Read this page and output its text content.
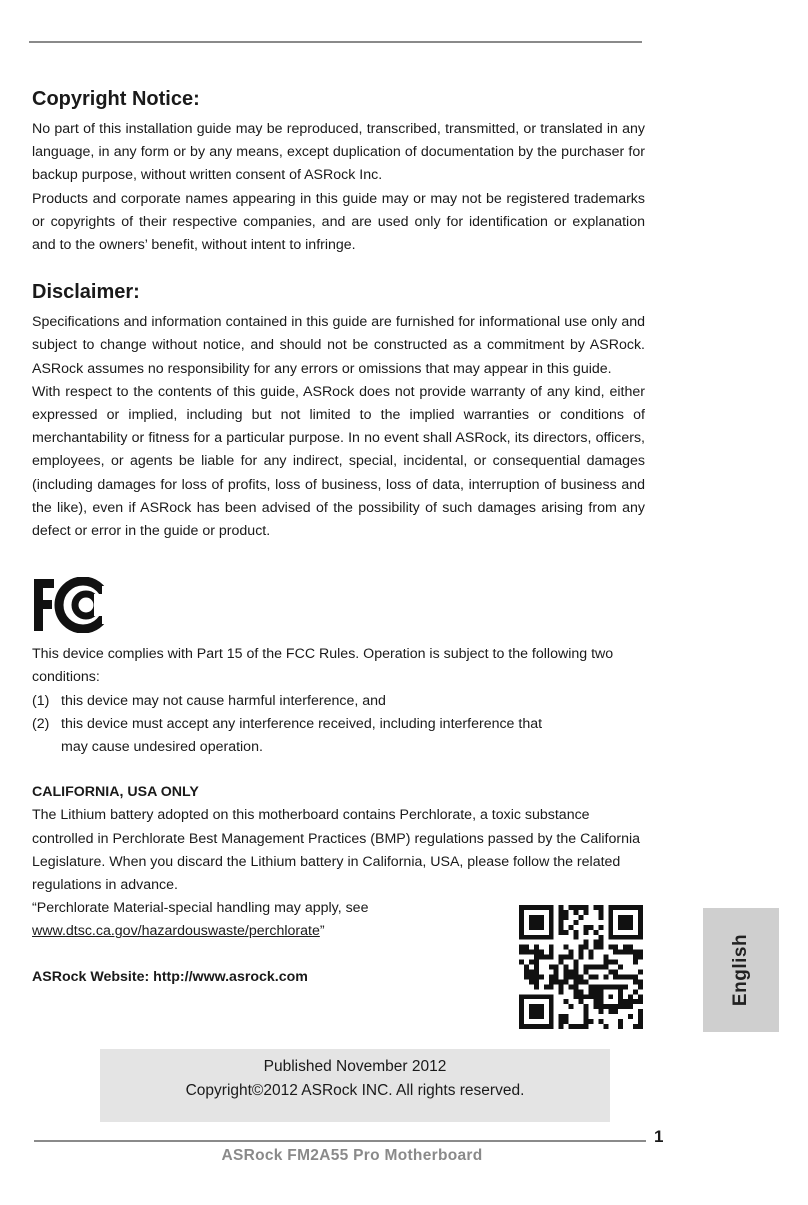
Copyright Notice:

No part of this installation guide may be reproduced, transcribed, transmitted, or translated in any language, in any form or by any means, except duplication of documentation by the purchaser for backup purpose, without written consent of ASRock Inc.

Products and corporate names appearing in this guide may or may not be registered trademarks or copyrights of their respective companies, and are used only for identification or explanation and to the owners’ benefit, without intent to infringe.

Disclaimer:

Specifications and information contained in this guide are furnished for informational use only and subject to change without notice, and should not be constructed as a commitment by ASRock. ASRock assumes no responsibility for any errors or omissions that may appear in this guide.

With respect to the contents of this guide, ASRock does not provide warranty of any kind, either expressed or implied, including but not limited to the implied warranties or conditions of merchantability or fitness for a particular purpose. In no event shall ASRock, its directors, officers, employees, or agents be liable for any indirect, special, incidental, or consequential damages (including damages for loss of profits, loss of business, loss of data, interruption of business and the like), even if ASRock has been advised of the possibility of such damages arising from any defect or error in the guide or product.

This device complies with Part 15 of the FCC Rules. Operation is subject to the following two conditions:

(1) this device may not cause harmful interference, and
(2) this device must accept any interference received, including interference that
may cause undesired operation.
CALIFORNIA, USA ONLY

The Lithium battery adopted on this motherboard contains Perchlorate, a toxic substance controlled in Perchlorate Best Management Practices (BMP) regulations passed by the California Legislature. When you discard the Lithium battery in California, USA, please follow the related regulations in advance.

“Perchlorate Material-special handling may apply, see

www.dtsc.ca.gov/hazardouswaste/perchlorate”

ASRock Website: http://www.asrock.com	English
Published November 2012
Copyright©2012 ASRock INC. All rights reserved.
1
ASRock FM2A55 Pro Motherboard
